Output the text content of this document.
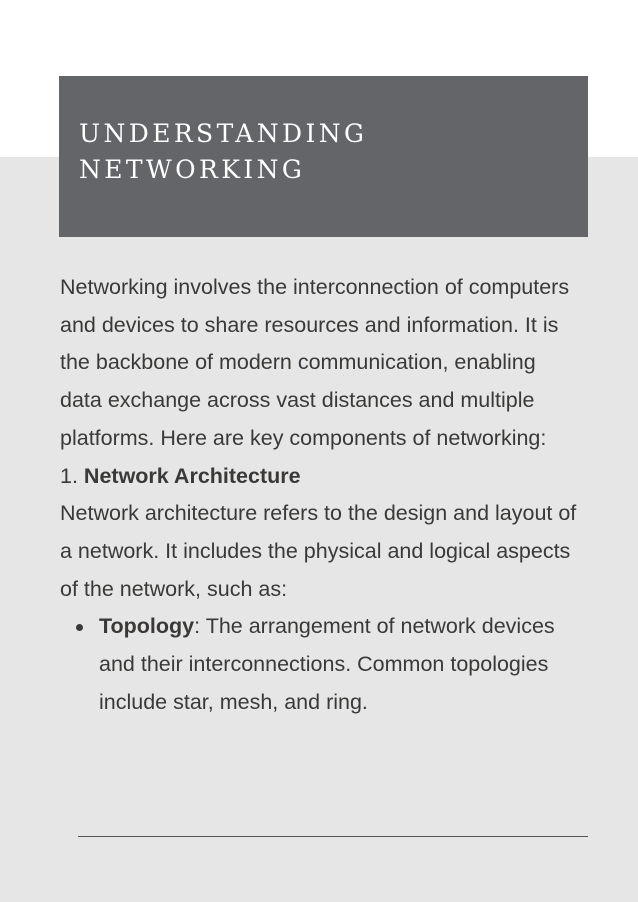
UNDERSTANDING
NETWORKING

Networking involves the interconnection of computers and devices to share resources and information. It is the backbone of modern communication, enabling data exchange across vast distances and multiple platforms. Here are key components of networking:

1. Network Architecture

Network architecture refers to the design and layout of a network. It includes the physical and logical aspects of the network, such as:

Topology: The arrangement of network devices and their interconnections. Common topologies include star, mesh, and ring.
